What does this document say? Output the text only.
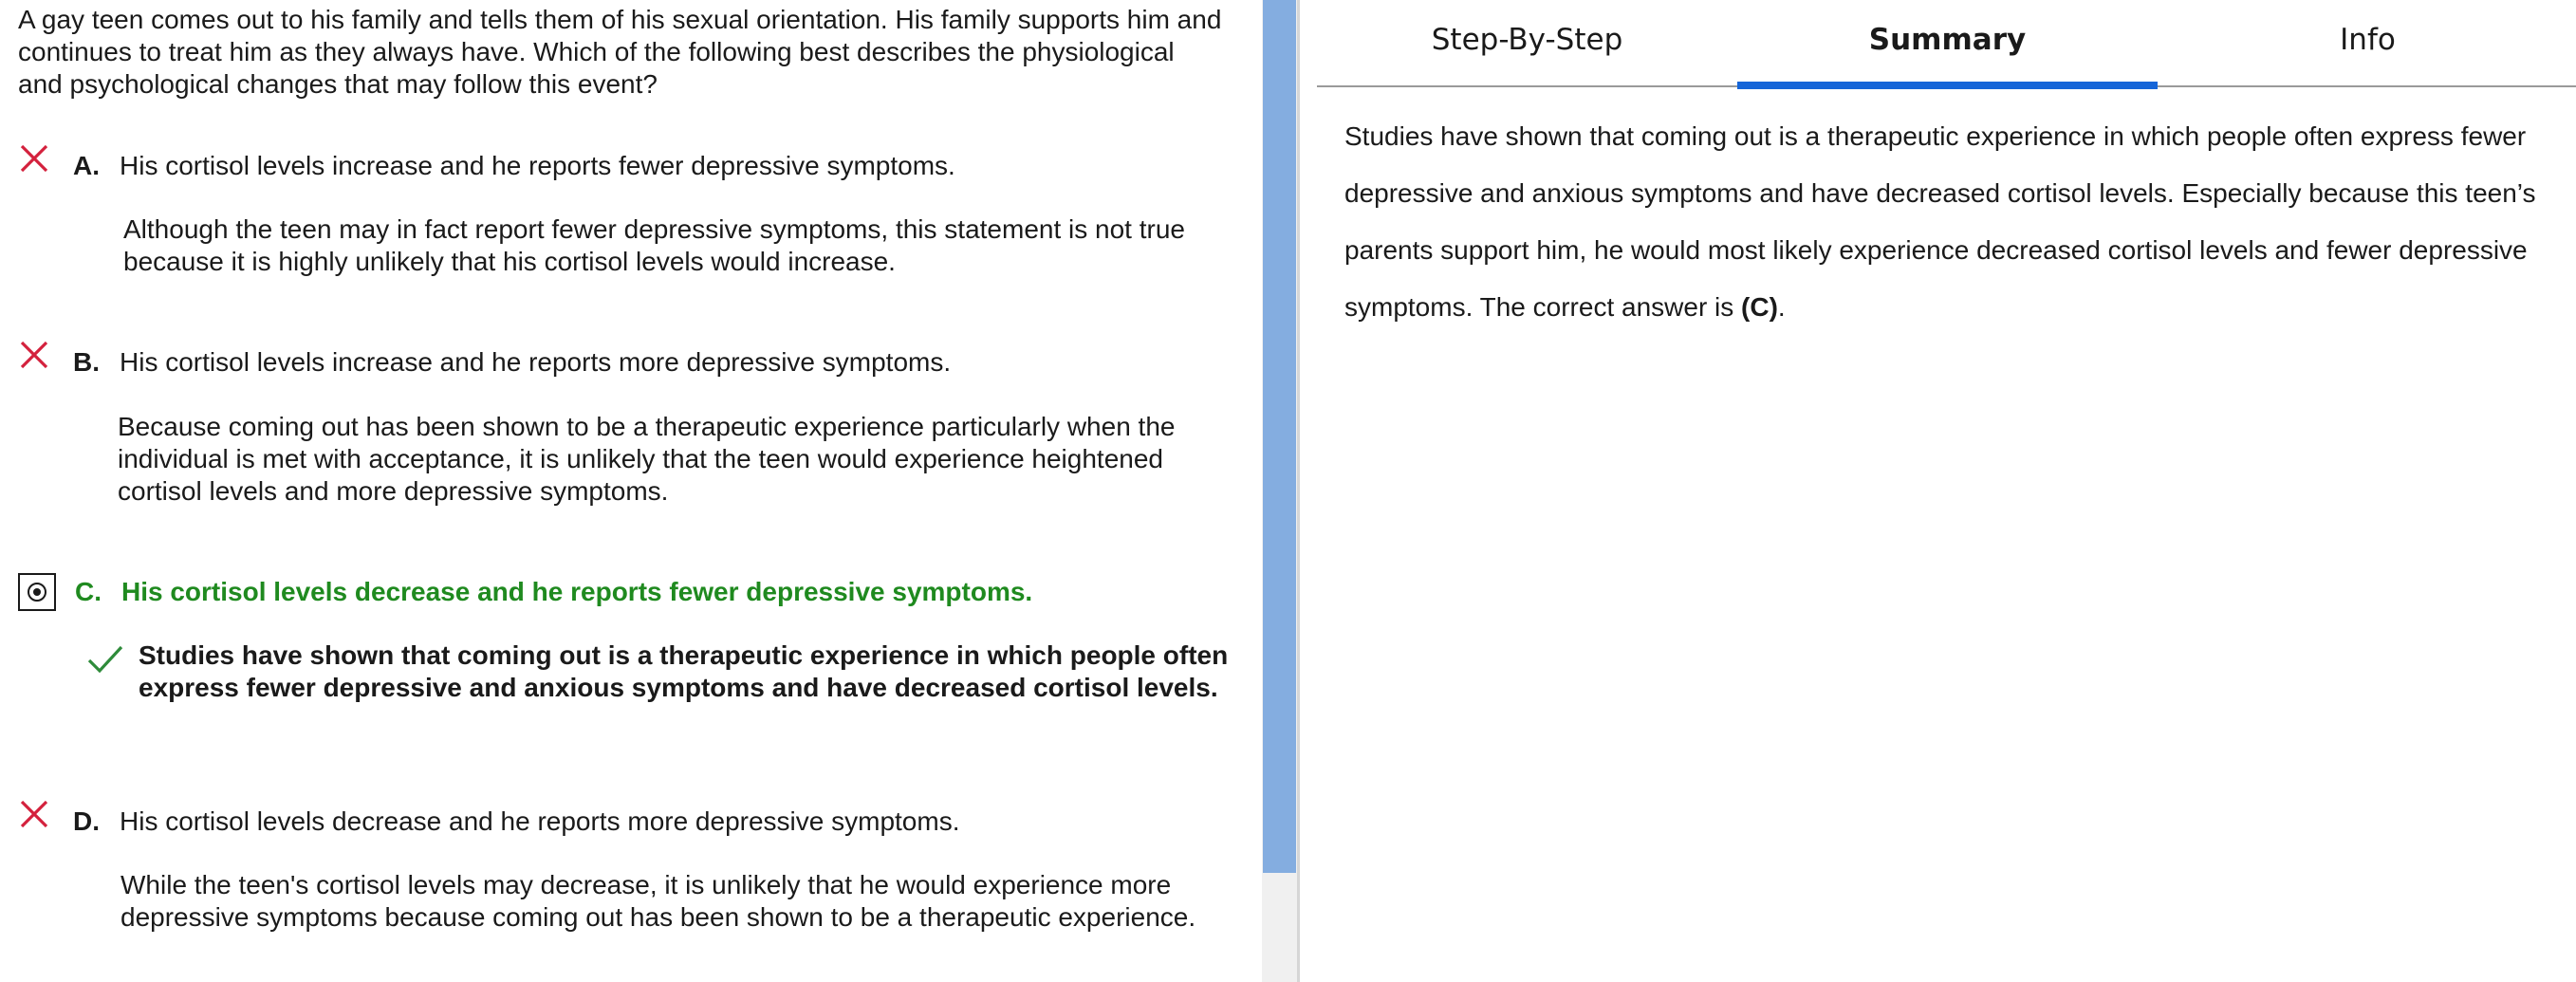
A gay teen comes out to his family and tells them of his sexual orientation. His family supports him and continues to treat him as they always have. Which of the following best describes the physiological and psychological changes that may follow this event?
A. His cortisol levels increase and he reports fewer depressive symptoms.
Although the teen may in fact report fewer depressive symptoms, this statement is not true because it is highly unlikely that his cortisol levels would increase.
B. His cortisol levels increase and he reports more depressive symptoms.
Because coming out has been shown to be a therapeutic experience particularly when the individual is met with acceptance, it is unlikely that the teen would experience heightened cortisol levels and more depressive symptoms.
C. His cortisol levels decrease and he reports fewer depressive symptoms.
Studies have shown that coming out is a therapeutic experience in which people often express fewer depressive and anxious symptoms and have decreased cortisol levels.
D. His cortisol levels decrease and he reports more depressive symptoms.
While the teen's cortisol levels may decrease, it is unlikely that he would experience more depressive symptoms because coming out has been shown to be a therapeutic experience.
Step-By-Step	Summary	Info
Studies have shown that coming out is a therapeutic experience in which people often express fewer depressive and anxious symptoms and have decreased cortisol levels. Especially because this teen’s parents support him, he would most likely experience decreased cortisol levels and fewer depressive symptoms. The correct answer is (C).
